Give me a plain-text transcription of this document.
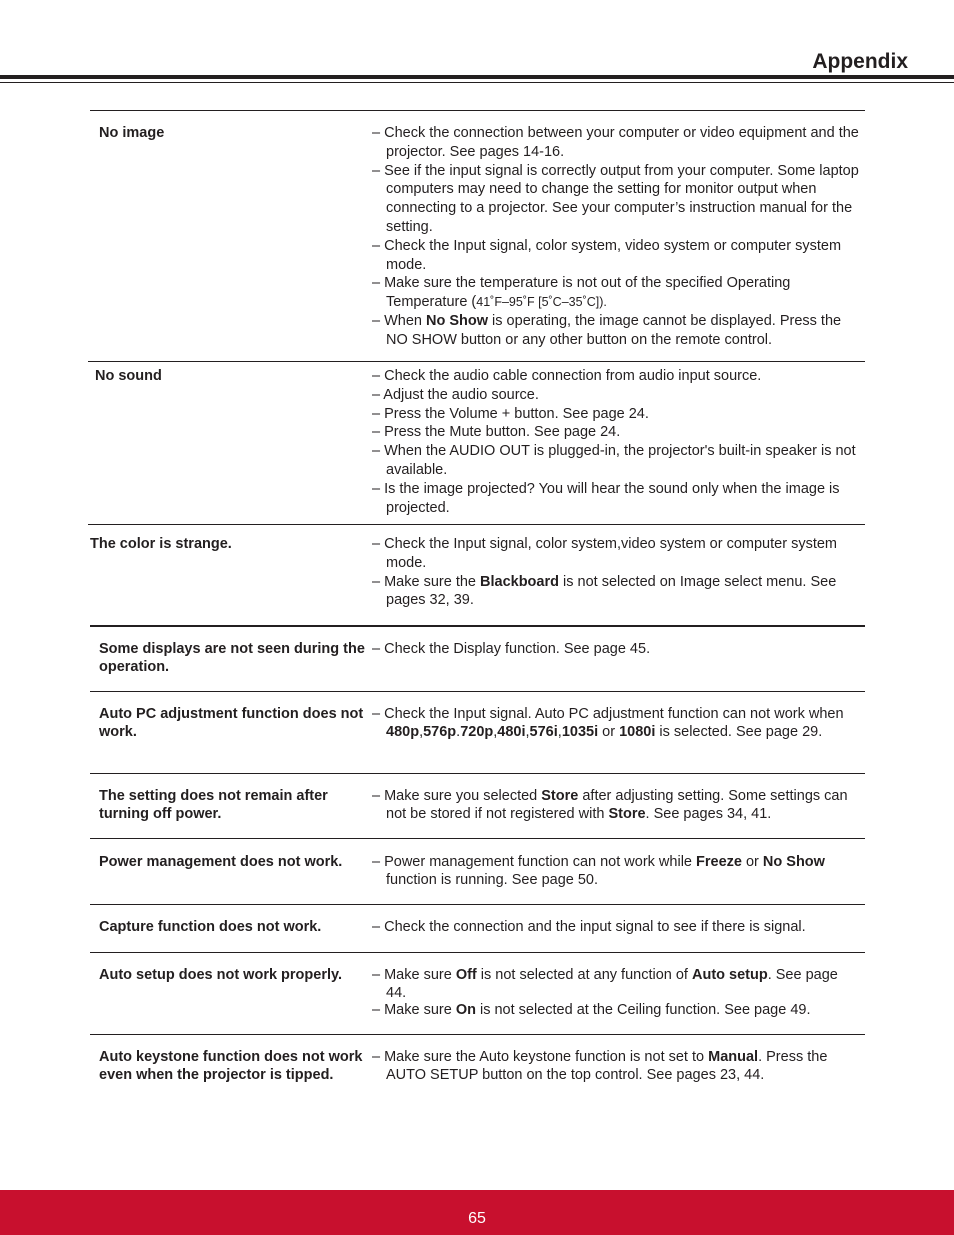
Appendix
No image	– Check the connection between your computer or video equipment and the projector. See pages 14-16.

– See if the input signal is correctly output from your computer. Some laptop computers may need to change the setting for monitor output when connecting to a projector. See your computer’s instruction manual for the setting.

– Check the Input signal, color system, video system or computer system mode.

– Make sure the temperature is not out of the specified Operating Temperature (41˚F–95˚F [5˚C–35˚C]).

– When No Show is operating, the image cannot be displayed. Press the NO SHOW button or any other button on the remote control.

No sound	– Check the audio cable connection from audio input source.

– Adjust the audio source.

– Press the Volume + button. See page 24.

– Press the Mute button. See page 24.

– When the AUDIO OUT is plugged-in, the projector's built-in speaker is not available.

– Is the image projected? You will hear the sound only when the image is projected.

The color is strange.	– Check the Input signal, color system,video system or computer system mode.

– Make sure the Blackboard is not selected on Image select menu. See pages 32, 39.

Some displays are not seen during the operation.

– Check the Display function. See page 45.

Auto PC adjustment function does not work.

– Check the Input signal. Auto PC adjustment function can not work when 480p,576p.720p,480i,576i,1035i or 1080i is selected. See page 29.

The setting does not remain after turning off power.

– Make sure you selected Store after adjusting setting. Some settings can not be stored if not registered with Store. See pages 34, 41.

Power management does not work.	– Power management function can not work while Freeze or No Show function is running. See page 50.

Capture function does not work.	– Check the connection and the input signal to see if there is signal.

Auto setup does not work properly.	– Make sure Off is not selected at any function of Auto setup. See page 44.

– Make sure On is not selected at the Ceiling function. See page 49.

Auto keystone function does not work even when the projector is tipped.

– Make sure the Auto keystone function is not set to Manual. Press the AUTO SETUP button on the top control. See pages 23, 44.

65
